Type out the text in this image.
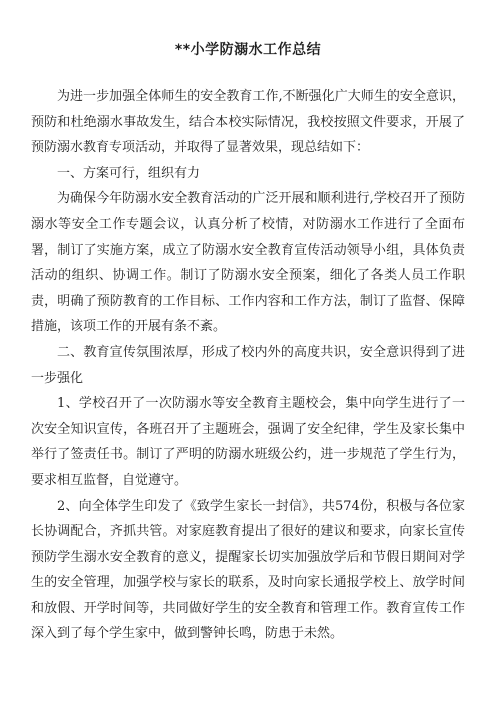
**小学防溺水工作总结

为进一步加强全体师生的安全教育工作,不断强化广大师生的安全意识，预防和杜绝溺水事故发生，结合本校实际情况，我校按照文件要求，开展了预防溺水教育专项活动，并取得了显著效果，现总结如下：

一、方案可行，组织有力

为确保今年防溺水安全教育活动的广泛开展和顺利进行,学校召开了预防溺水等安全工作专题会议，认真分析了校情，对防溺水工作进行了全面布署，制订了实施方案，成立了防溺水安全教育宣传活动领导小组，具体负责活动的组织、协调工作。制订了防溺水安全预案，细化了各类人员工作职责，明确了预防教育的工作目标、工作内容和工作方法，制订了监督、保障措施，该项工作的开展有条不紊。

二、教育宣传氛围浓厚，形成了校内外的高度共识，安全意识得到了进一步强化

1、学校召开了一次防溺水等安全教育主题校会，集中向学生进行了一次安全知识宣传，各班召开了主题班会，强调了安全纪律，学生及家长集中举行了签责任书。制订了严明的防溺水班级公约，进一步规范了学生行为，要求相互监督，自觉遵守。

2、向全体学生印发了《致学生家长一封信》，共574份，积极与各位家长协调配合，齐抓共管。对家庭教育提出了很好的建议和要求，向家长宣传预防学生溺水安全教育的意义，提醒家长切实加强放学后和节假日期间对学生的安全管理，加强学校与家长的联系，及时向家长通报学校上、放学时间和放假、开学时间等，共同做好学生的安全教育和管理工作。教育宣传工作深入到了每个学生家中，做到警钟长鸣，防患于未然。
